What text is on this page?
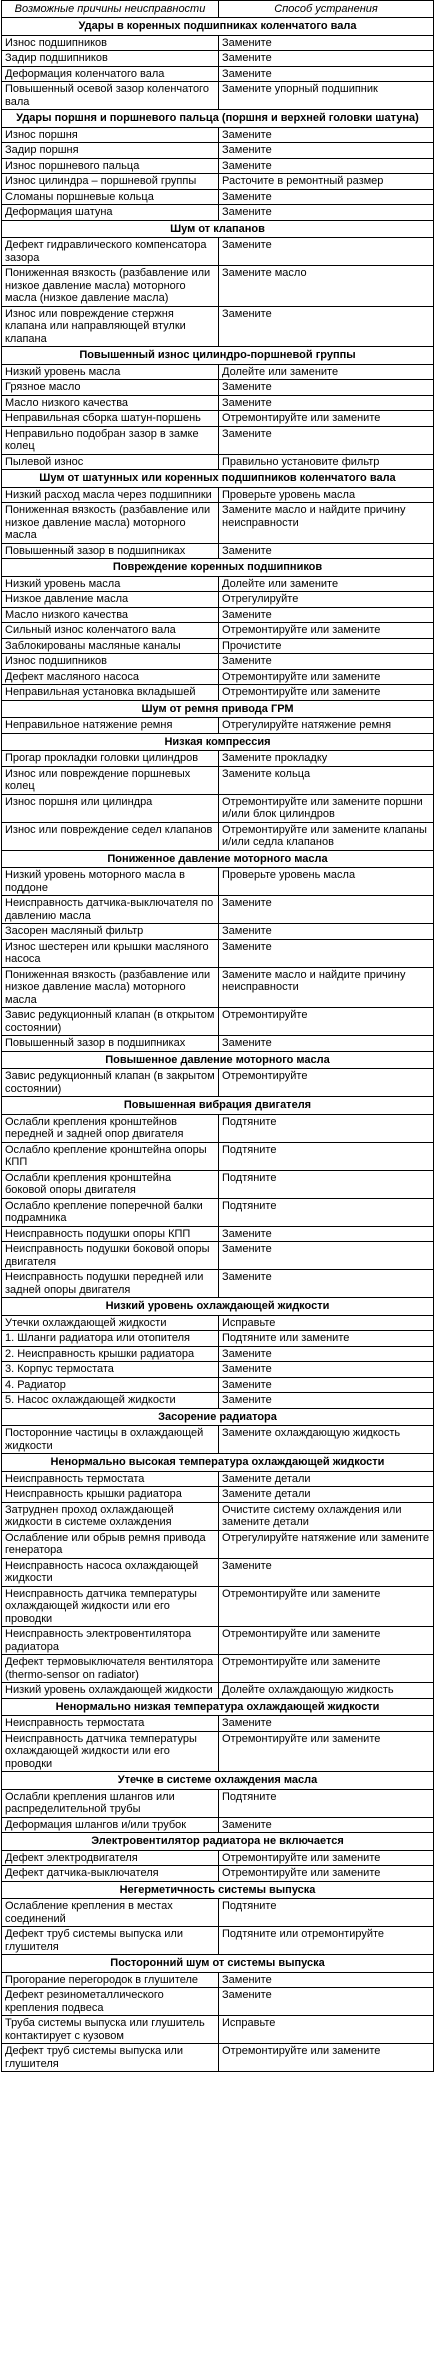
Возможные причины неисправности	Способ устранения
Удары в коренных подшипниках коленчатого вала	
Износ подшипников	Замените
Задир подшипников	Замените
Деформация коленчатого вала	Замените
Повышенный осевой зазор коленчатого вала	Замените упорный подшипник
Удары поршня и поршневого пальца (поршня и верхней головки шатуна)	
Износ поршня	Замените
Задир поршня	Замените
Износ поршневого пальца	Замените
Износ цилиндра – поршневой группы	Расточите в ремонтный размер
Сломаны поршневые кольца	Замените
Деформация шатуна	Замените
Шум от клапанов	
Дефект гидравлического компенсатора зазора	Замените
Пониженная вязкость (разбавление или низкое давление масла) моторного масла (низкое давление масла)	Замените масло
Износ или повреждение стержня клапана или направляющей втулки клапана	Замените
Повышенный износ цилиндро-поршневой группы	
Низкий уровень масла	Долейте или замените
Грязное масло	Замените
Масло низкого качества	Замените
Неправильная сборка шатун-поршень	Отремонтируйте или замените
Неправильно подобран зазор в замке колец	Замените
Пылевой износ	Правильно установите фильтр
Шум от шатунных или коренных подшипников коленчатого вала	
Низкий расход масла через подшипники	Проверьте уровень масла
Пониженная вязкость (разбавление или низкое давление масла) моторного масла	Замените масло и найдите причину неисправности
Повышенный зазор в подшипниках	Замените
Повреждение коренных подшипников	
Низкий уровень масла	Долейте или замените
Низкое давление масла	Отрегулируйте
Масло низкого качества	Замените
Сильный износ коленчатого вала	Отремонтируйте или замените
Заблокированы масляные каналы	Прочистите
Износ подшипников	Замените
Дефект масляного насоса	Отремонтируйте или замените
Неправильная установка вкладышей	Отремонтируйте или замените
Шум от ремня привода ГРМ	
Неправильное натяжение ремня	Отрегулируйте натяжение ремня
Низкая компрессия	
Прогар прокладки головки цилиндров	Замените прокладку
Износ или повреждение поршневых колец	Замените кольца
Износ поршня или цилиндра	Отремонтируйте или замените поршни и/или блок цилиндров
Износ или повреждение седел клапанов	Отремонтируйте или замените клапаны и/или седла клапанов
Пониженное давление моторного масла	
Низкий уровень моторного масла в поддоне	Проверьте уровень масла
Неисправность датчика-выключателя по давлению масла	Замените
Засорен масляный фильтр	Замените
Износ шестерен или крышки масляного насоса	Замените
Пониженная вязкость (разбавление или низкое давление масла) моторного масла	Замените масло и найдите причину неисправности
Завис редукционный клапан (в открытом состоянии)	Отремонтируйте
Повышенный зазор в подшипниках	Замените
Повышенное давление моторного масла	
Завис редукционный клапан (в закрытом состоянии)	Отремонтируйте
Повышенная вибрация двигателя	
Ослабли крепления кронштейнов передней и задней опор двигателя	Подтяните
Ослабло крепление кронштейна опоры КПП	Подтяните
Ослабли крепления кронштейна боковой опоры двигателя	Подтяните
Ослабло крепление поперечной балки подрамника	Подтяните
Неисправность подушки опоры КПП	Замените
Неисправность подушки боковой опоры двигателя	Замените
Неисправность подушки передней или задней опоры двигателя	Замените
Низкий уровень охлаждающей жидкости	
Утечки охлаждающей жидкости	Исправьте
1. Шланги радиатора или отопителя	Подтяните или замените
2. Неисправность крышки радиатора	Замените
3. Корпус термостата	Замените
4. Радиатор	Замените
5. Насос охлаждающей жидкости	Замените
Засорение радиатора	
Посторонние частицы в охлаждающей жидкости	Замените охлаждающую жидкость
Ненормально высокая температура охлаждающей жидкости	
Неисправность термостата	Замените детали
Неисправность крышки радиатора	Замените детали
Затруднен проход охлаждающей жидкости в системе охлаждения	Очистите систему охлаждения или замените детали
Ослабление или обрыв ремня привода генератора	Отрегулируйте натяжение или замените
Неисправность насоса охлаждающей жидкости	Замените
Неисправность датчика температуры охлаждающей жидкости или его проводки	Отремонтируйте или замените
Неисправность электровентилятора радиатора	Отремонтируйте или замените
Дефект термовыключателя вентилятора (thermo-sensor on radiator)	Отремонтируйте или замените
Низкий уровень охлаждающей жидкости	Долейте охлаждающую жидкость
Ненормально низкая температура охлаждающей жидкости	
Неисправность термостата	Замените
Неисправность датчика температуры охлаждающей жидкости или его проводки	Отремонтируйте или замените
Утечке в системе охлаждения масла	
Ослабли крепления шлангов или распределительной трубы	Подтяните
Деформация шлангов и/или трубок	Замените
Электровентилятор радиатора не включается	
Дефект электродвигателя	Отремонтируйте или замените
Дефект датчика-выключателя	Отремонтируйте или замените
Негерметичность системы выпуска	
Ослабление крепления в местах соединений	Подтяните
Дефект труб системы выпуска или глушителя	Подтяните или отремонтируйте
Посторонний шум от системы выпуска	
Прогорание перегородок в глушителе	Замените
Дефект резинометаллического крепления подвеса	Замените
Труба системы выпуска или глушитель контактирует с кузовом	Исправьте
Дефект труб системы выпуска или глушителя	Отремонтируйте или замените
